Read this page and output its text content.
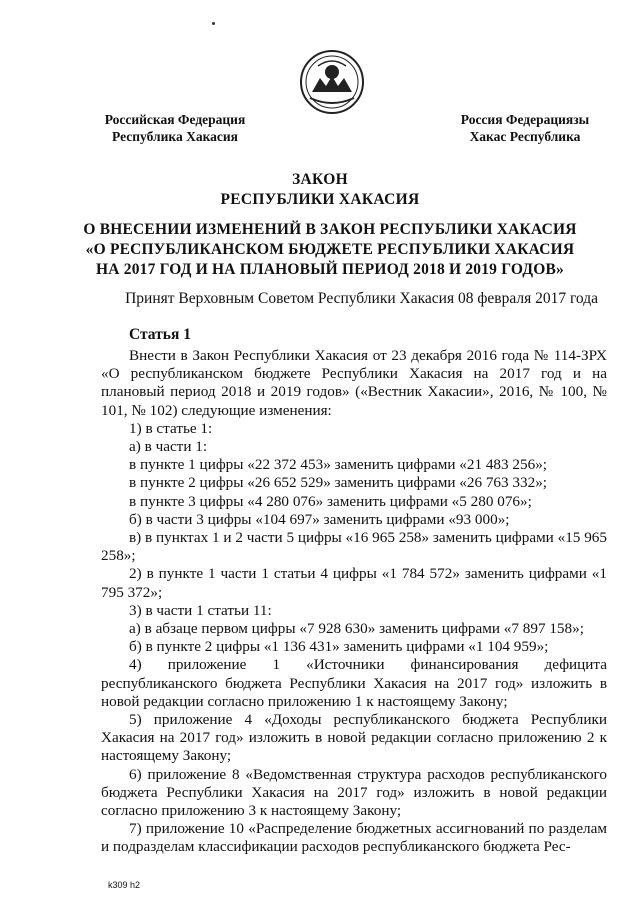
Российская Федерация
Республика Хакасия
Россия Федерациязы
Хакас Республика
ЗАКОН
РЕСПУБЛИКИ ХАКАСИЯ
О ВНЕСЕНИИ ИЗМЕНЕНИЙ В ЗАКОН РЕСПУБЛИКИ ХАКАСИЯ
«О РЕСПУБЛИКАНСКОМ БЮДЖЕТЕ РЕСПУБЛИКИ ХАКАСИЯ
НА 2017 ГОД И НА ПЛАНОВЫЙ ПЕРИОД 2018 И 2019 ГОДОВ»
Принят Верховным Советом Республики Хакасия 08 февраля 2017 года
Статья 1

Внести в Закон Республики Хакасия от 23 декабря 2016 года № 114-ЗРХ «О республиканском бюджете Республики Хакасия на 2017 год и на плановый период 2018 и 2019 годов» («Вестник Хакасии», 2016, № 100, № 101, № 102) следующие изменения:

1) в статье 1:

а) в части 1:

в пункте 1 цифры «22 372 453» заменить цифрами «21 483 256»;

в пункте 2 цифры «26 652 529» заменить цифрами «26 763 332»;

в пункте 3 цифры «4 280 076» заменить цифрами «5 280 076»;

б) в части 3 цифры «104 697» заменить цифрами «93 000»;

в) в пунктах 1 и 2 части 5 цифры «16 965 258» заменить цифрами «15 965 258»;

2) в пункте 1 части 1 статьи 4 цифры «1 784 572» заменить цифрами «1 795 372»;

3) в части 1 статьи 11:

а) в абзаце первом цифры «7 928 630» заменить цифрами «7 897 158»;

б) в пункте 2 цифры «1 136 431» заменить цифрами «1 104 959»;

4) приложение 1 «Источники финансирования дефицита республиканского бюджета Республики Хакасия на 2017 год» изложить в новой редакции согласно приложению 1 к настоящему Закону;

5) приложение 4 «Доходы республиканского бюджета Республики Хакасия на 2017 год» изложить в новой редакции согласно приложению 2 к настоящему Закону;

6) приложение 8 «Ведомственная структура расходов республиканского бюджета Республики Хакасия на 2017 год» изложить в новой редакции согласно приложению 3 к настоящему Закону;

7) приложение 10 «Распределение бюджетных ассигнований по разделам и подразделам классификации расходов республиканского бюджета Рес-

k309 h2
